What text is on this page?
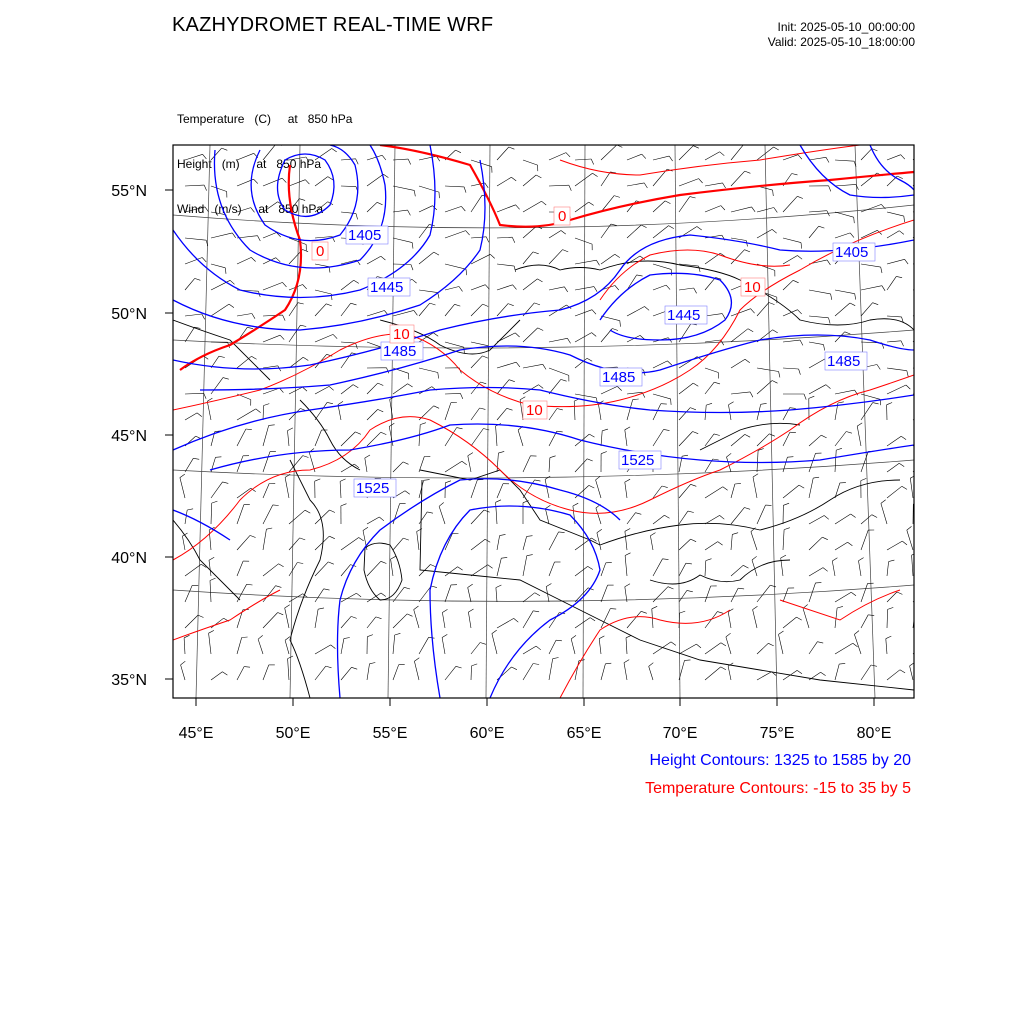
KAZHYDROMET REAL-TIME WRF	Init: 2025-05-10_00:00:00
Valid: 2025-05-10_18:00:00

Temperature   (C)     at   850 hPa

Height   (m)     at   850 hPa

Wind   (m/s)     at   850 hPa

55°N
50°N
45°N
40°N
35°N
45°E	50°E	55°E	60°E	65°E	70°E	75°E	80°E
1405
1445
1485
1525
1445
1485
1525
1405
1485
0
0
10
10
10
Height Contours: 1325 to 1585 by 20
Temperature Contours: -15 to 35 by 5
